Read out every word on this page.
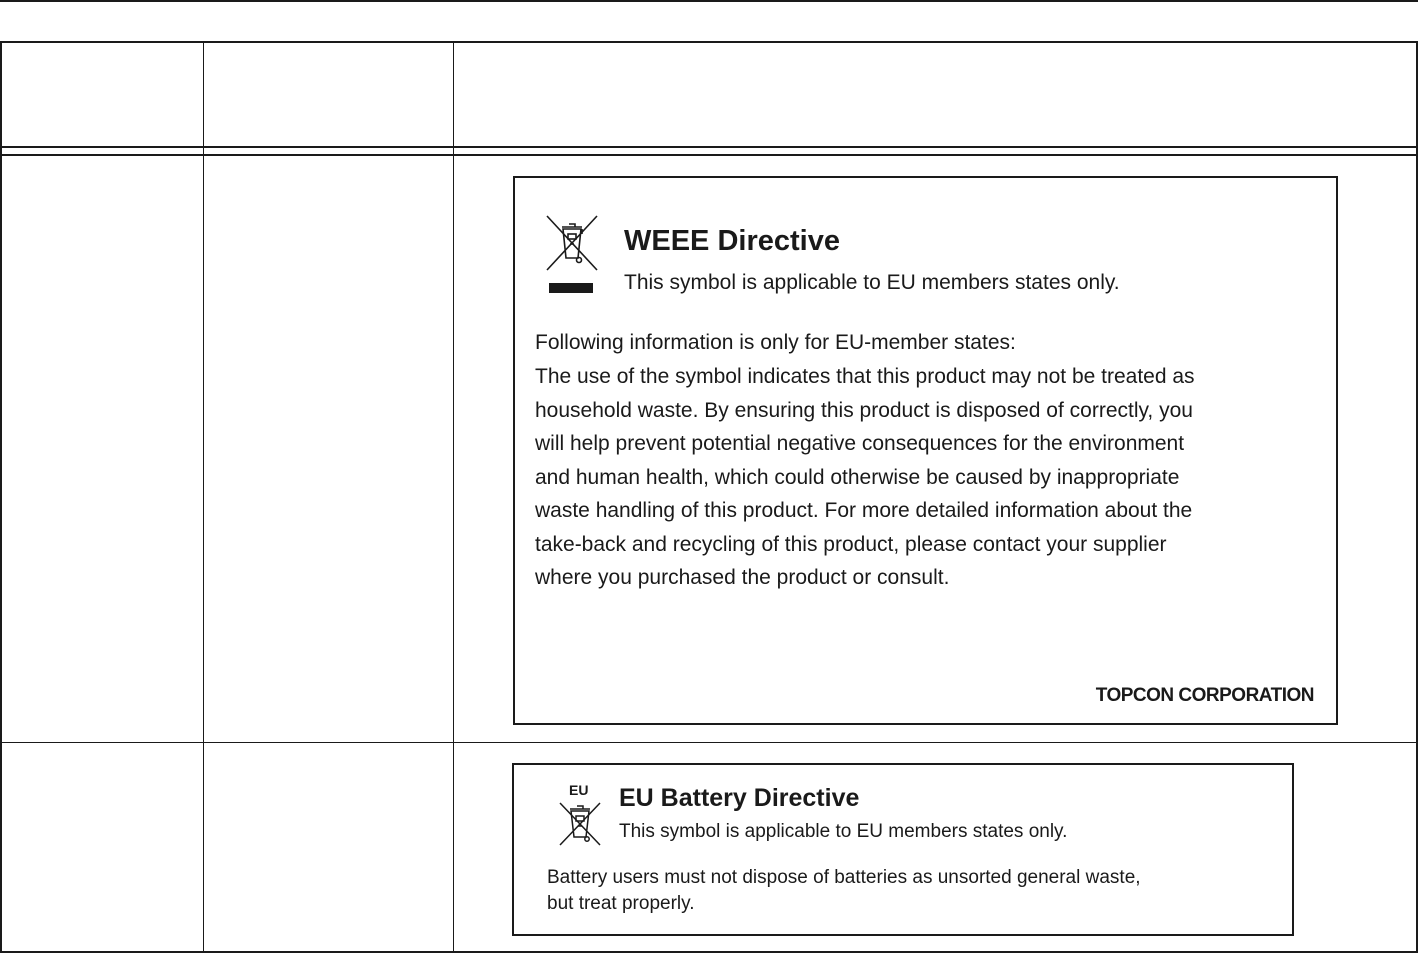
WEEE Directive
This symbol is applicable to EU members states only.
Following information is only for EU-member states:
The use of the symbol indicates that this product may not be treated as
household waste. By ensuring this product is disposed of correctly, you
will help prevent potential negative consequences for the environment
and human health, which could otherwise be caused by inappropriate
waste handling of this product. For more detailed information about the
take-back and recycling of this product, please contact your supplier
where you purchased the product or consult.
TOPCON CORPORATION
EU EU Battery Directive
This symbol is applicable to EU members states only.
Battery users must not dispose of batteries as unsorted general waste,
but treat properly.
